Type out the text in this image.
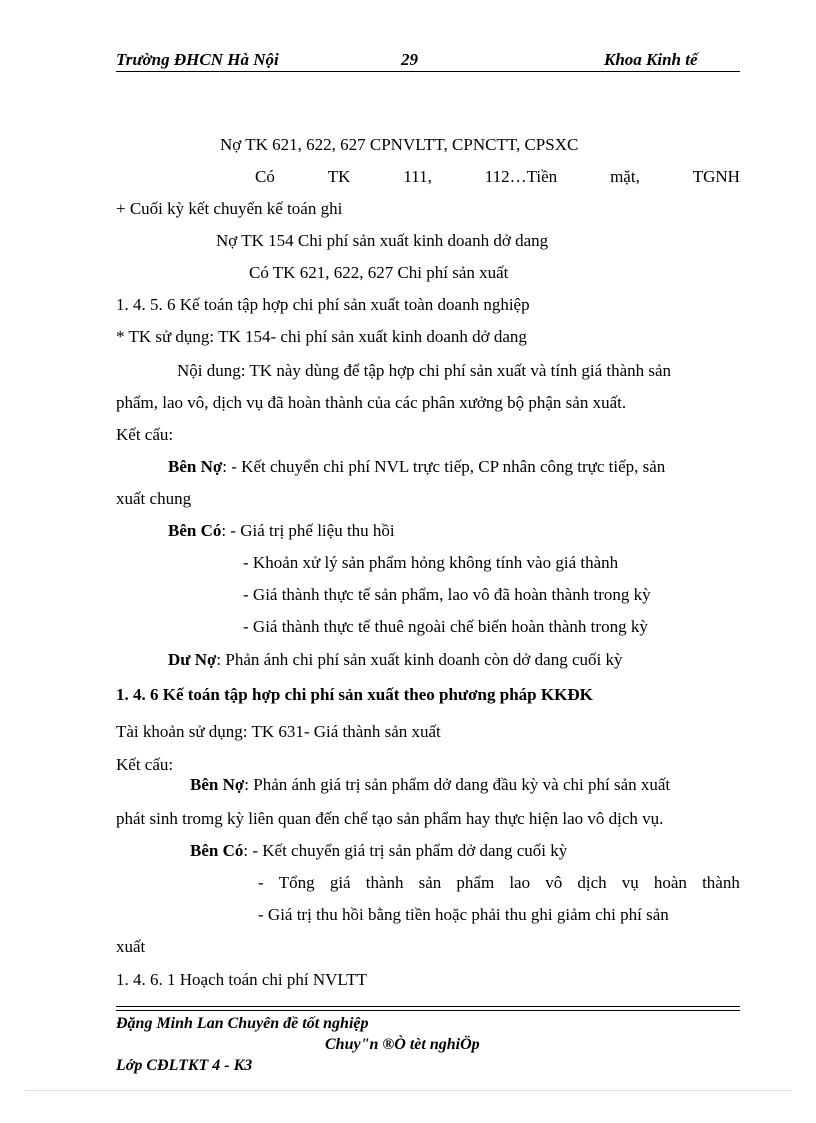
Trường ĐHCN Hà Nội	29	Khoa Kinh tế
Nợ TK 621, 622, 627 CPNVLTT, CPNCTT, CPSXC
Có	TK	111,	112…Tiền	mặt,	TGNH
+ Cuối kỳ kết chuyển kế toán ghi
Nợ TK 154 Chi phí sản xuất kinh doanh dở dang
Có TK 621, 622, 627 Chi phí sản xuất
1. 4. 5. 6 Kế toán tập hợp chi phí sản xuất toàn doanh nghiệp
* TK sử dụng: TK 154- chi phí sản xuất kinh doanh dở dang
Nội dung: TK này dùng để tập hợp chi phí sản xuất và tính giá thành sản
phẩm, lao vô, dịch vụ đã hoàn thành của các phân xưởng bộ phận sản xuất.
Kết cấu:
Bên Nợ: - Kết chuyển chi phí NVL trực tiếp, CP nhân công trực tiếp, sản
xuất chung
Bên Có: - Giá trị phế liệu thu hồi
- Khoản xử lý sản phẩm hỏng không tính vào giá thành
- Giá thành thực tế sản phẩm, lao vô đã hoàn thành trong kỳ
- Giá thành thực tế thuê ngoài chế biến hoàn thành trong kỳ
Dư Nợ: Phản ánh chi phí sản xuất kinh doanh còn dở dang cuối kỳ
1. 4. 6 Kế toán tập hợp chi phí sản xuất theo phương pháp KKĐK
Tài khoản sử dụng: TK 631- Giá thành sản xuất
Kết cấu:
Bên Nợ: Phản ánh giá trị sản phẩm dở dang đầu kỳ và chi phí sản xuất
phát sinh tromg kỳ liên quan đến chế tạo sản phẩm hay thực hiện lao vô dịch vụ.
Bên Có: - Kết chuyển giá trị sản phẩm dở dang cuối kỳ
- Tổng giá thành sản phẩm lao vô dịch vụ hoàn thành
- Giá trị thu hồi bằng tiền hoặc phải thu ghi giảm chi phí sản
xuất
1. 4. 6. 1 Hoạch toán chi phí NVLTT
Đặng Minh Lan Chuyên đề tốt nghiệp
Chuy"n ®Ò tèt nghiÖp
Lớp CĐLTKT 4 - K3
